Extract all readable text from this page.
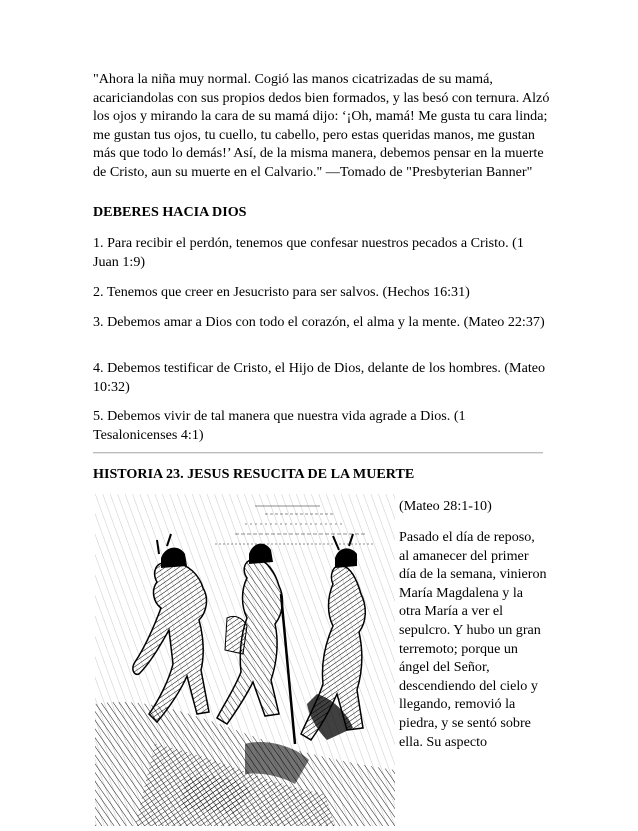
"Ahora la niña muy normal. Cogió las manos cicatrizadas de su mamá, acariciandolas con sus propios dedos bien formados, y las besó con ternura. Alzó los ojos y mirando la cara de su mamá dijo: ‘¡Oh, mamá! Me gusta tu cara linda; me gustan tus ojos, tu cuello, tu cabello, pero estas queridas manos, me gustan más que todo lo demás!’ Así, de la misma manera, debemos pensar en la muerte de Cristo, aun su muerte en el Calvario." —Tomado de "Presbyterian Banner"

DEBERES HACIA DIOS

1. Para recibir el perdón, tenemos que confesar nuestros pecados a Cristo. (1 Juan 1:9)

2. Tenemos que creer en Jesucristo para ser salvos. (Hechos 16:31)

3. Debemos amar a Dios con todo el corazón, el alma y la mente. (Mateo 22:37)

4. Debemos testificar de Cristo, el Hijo de Dios, delante de los hombres. (Mateo 10:32)

5. Debemos vivir de tal manera que nuestra vida agrade a Dios. (1 Tesalonicenses 4:1)

HISTORIA 23. JESUS RESUCITA DE LA MUERTE

(Mateo 28:1-10)

Pasado el día de reposo, al amanecer del primer día de la semana, vinieron María Magdalena y la otra María a ver el sepulcro. Y hubo un gran terremoto; porque un ángel del Señor, descendiendo del cielo y llegando, removió la piedra, y se sentó sobre ella. Su aspecto
